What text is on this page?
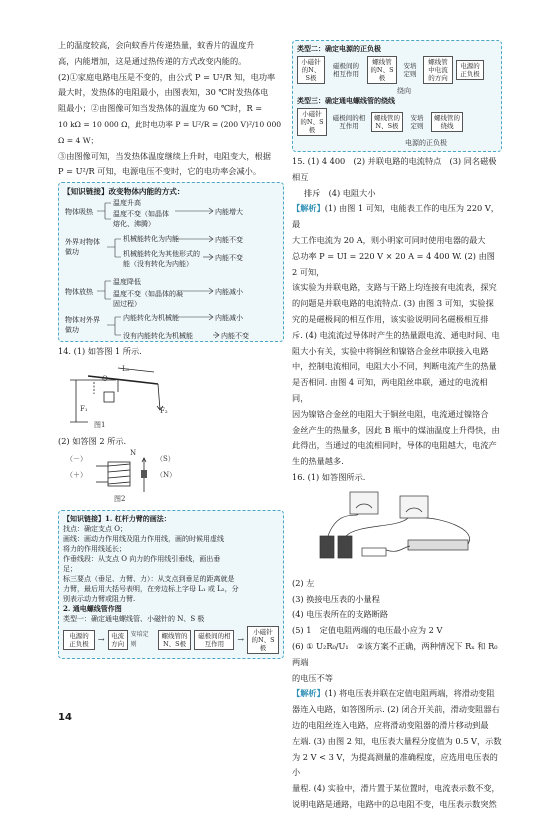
上的温度较高，会向蚊香片传递热量，蚊香片的温度升
高，内能增加，这是通过热传递的方式改变内能的。
(2)①家庭电路电压是不变的，由公式 P = U²/R 知，电功率
最大时，发热体的电阻最小，由图表知，30 ℃时发热体电
阻最小；②由图像可知当发热体的温度为 60 ℃时，R =
10 kΩ = 10 000 Ω，此时电功率 P = U²/R = (200 V)²/10 000 Ω = 4 W；
③由图像可知，当发热体温度继续上升时，电阻变大，根据
P = U²/R 可知，电源电压不变时，它的电功率会减小。
【知识链接】改变物体内能的方式：
物体吸热
温度升高
温度不变（如晶体熔化、沸腾）
内能增大
外界对物体做功
机械能转化为内能
机械能转化为其他形式的能（没有转化为内能）
内能不变
内能不变
物体放热
温度降低
温度不变（如晶体的凝固过程）
内能减小
物体对外界做功
内能转化为机械能
没有内能转化为机械能
内能减小
内能不变
14. (1) 如答图 1 所示.
L₁
F₁	F₂
O
图1
(2) 如答图 2 所示.
（－）
（＋）
（S）
（N）
N
图2
【知识链接】1. 杠杆力臂的画法：
找点：确定支点 O；
画线：画动力作用线及阻力作用线，画的时候用虚线
将力的作用线延长；
作垂线段：从支点 O 向力的作用线引垂线，画出垂
足；
标三要点（垂足、力臂、力）：从支点到垂足的距离就是
力臂，最后用大括号表明，在旁边标上字母 L₁ 或 L₂，分
别表示动力臂或阻力臂.
2. 通电螺线管作图
类型一：确定通电螺线管、小磁针的 N、S 极
电源的正负极	→ 电流方向
安培定则
螺线管的N、S极
磁极间的相互作用	→
小磁针的N、S极
类型二：确定电源的正负极
小磁针的N、S极
磁极间的相互作用
螺线管的N、S极
安培定则
螺线管中电流的方向
电源的正负极
绕向
类型三：确定通电螺线管的绕线
小磁针的N、S极
磁极间的相互作用
螺线管的N、S极
安培定则
螺线管的绕线
电源的正负极
15. (1) 4 400　(2) 并联电路的电流特点　(3) 同名磁极相互
排斥　(4) 电阻大小
【解析】(1) 由图 1 可知，电能表工作的电压为 220 V，最
大工作电流为 20 A，则小明家可同时使用电器的最大
总功率 P = UI = 220 V × 20 A = 4 400 W. (2) 由图 2 可知，
该实验为并联电路，支路与干路上均连接有电流表，探究
的问题是并联电路的电流特点. (3) 由图 3 可知，实验探
究的是磁极间的相互作用，该实验说明同名磁极相互排
斥. (4) 电流流过导体时产生的热量跟电流、通电时间、电
阻大小有关，实验中将铜丝和镍铬合金丝串联接入电路
中，控制电流相同，电阻大小不同，判断电流产生的热量
是否相同. 由图 4 可知，两电阻丝串联，通过的电流相同，
因为镍铬合金丝的电阻大于铜丝电阻，电流通过镍铬合
金丝产生的热量多，因此 B 瓶中的煤油温度上升得快，由
此得出，当通过的电流相同时，导体的电阻越大，电流产
生的热量越多.
16. (1) 如答图所示.
(2) 左
(3) 换接电压表的小量程
(4) 电压表所在的支路断路
(5) 1　定值电阻两端的电压最小应为 2 V
(6) ① U₂R₀/U₁　②该方案不正确，两种情况下 Rₓ 和 R₀ 两端
的电压不等
【解析】(1) 将电压表并联在定值电阻两端，将滑动变阻
器连入电路，如答图所示. (2) 闭合开关前，滑动变阻器右
边的电阻丝连入电路，应将滑动变阻器的滑片移动到最
左端. (3) 由图 2 知，电压表大量程分度值为 0.5 V，示数
为 2 V < 3 V，为提高测量的准确程度，应选用电压表的小
量程. (4) 实验中，滑片置于某位置时，电流表示数不变，
说明电路是通路，电路中的总电阻不变，电压表示数突然
14
